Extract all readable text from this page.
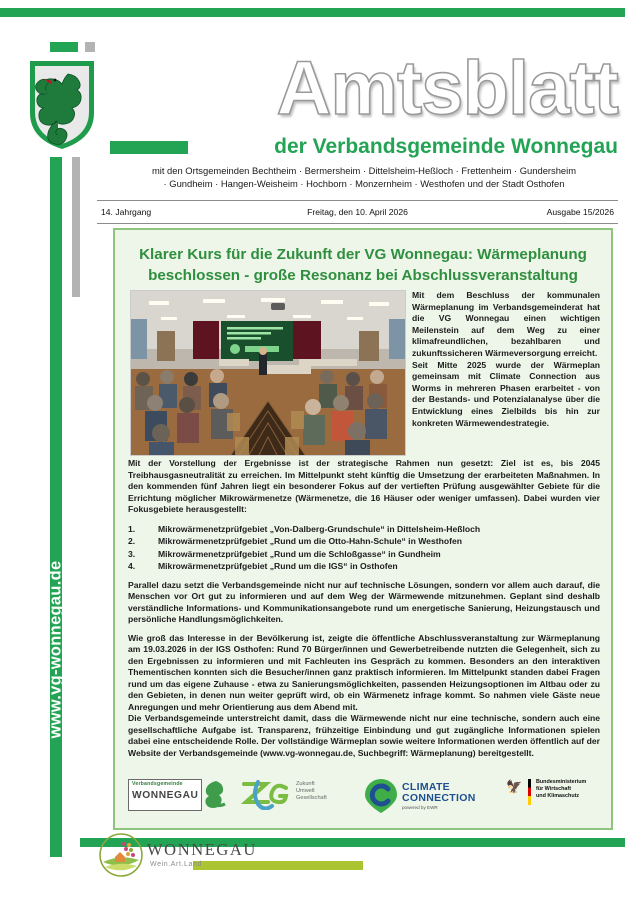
Amtsblatt
der Verbandsgemeinde Wonnegau
mit den Ortsgemeinden Bechtheim · Bermersheim · Dittelsheim-Heßloch · Frettenheim · Gundersheim
· Gundheim · Hangen-Weisheim · Hochborn · Monzernheim · Westhofen und der Stadt Osthofen
14. Jahrgang	Freitag, den 10. April 2026	Ausgabe 15/2026
www.vg-wonnegau.de
Klarer Kurs für die Zukunft der VG Wonnegau: Wärmeplanung beschlossen - große Resonanz bei Abschlussveranstaltung

Mit dem Beschluss der kommunalen Wärmeplanung im Verbandsgemeinderat hat die VG Wonnegau einen wichtigen Meilenstein auf dem Weg zu einer klimafreundlichen, bezahlbaren und zukunftssicheren Wärmeversorgung erreicht.

Seit Mitte 2025 wurde der Wärmeplan gemeinsam mit Climate Connection aus Worms in mehreren Phasen erarbeitet - von der Bestands- und Potenzialanalyse über die Entwicklung eines Zielbilds bis hin zur konkreten Wärmewendestrategie.

Mit der Vorstellung der Ergebnisse ist der strategische Rahmen nun gesetzt: Ziel ist es, bis 2045 Treibhausgasneutralität zu erreichen. Im Mittelpunkt steht künftig die Umsetzung der erarbeiteten Maßnahmen. In den kommenden fünf Jahren liegt ein besonderer Fokus auf der vertieften Prüfung ausgewählter Gebiete für die Errichtung möglicher Mikrowärmenetze (Wärmenetze, die 16 Häuser oder weniger umfassen). Dabei wurden vier Fokusgebiete herausgestellt:

1.	Mikrowärmenetzprüfgebiet „Von-Dalberg-Grundschule“ in Dittelsheim-Heßloch
2.	Mikrowärmenetzprüfgebiet „Rund um die Otto-Hahn-Schule“ in Westhofen
3.	Mikrowärmenetzprüfgebiet „Rund um die Schloßgasse“ in Gundheim
4.	Mikrowärmenetzprüfgebiet „Rund um die IGS“ in Osthofen

Parallel dazu setzt die Verbandsgemeinde nicht nur auf technische Lösungen, sondern vor allem auch darauf, die Menschen vor Ort gut zu informieren und auf dem Weg der Wärmewende mitzunehmen. Geplant sind deshalb verständliche Informations- und Kommunikationsangebote rund um energetische Sanierung, Heizungstausch und persönliche Handlungsmöglichkeiten.

Wie groß das Interesse in der Bevölkerung ist, zeigte die öffentliche Abschlussveranstaltung zur Wärmeplanung am 19.03.2026 in der IGS Osthofen: Rund 70 Bürger/innen und Gewerbetreibende nutzten die Gelegenheit, sich zu den Ergebnissen zu informieren und mit Fachleuten ins Gespräch zu kommen. Besonders an den interaktiven Thementischen konnten sich die Besucher/innen ganz praktisch informieren. Im Mittelpunkt standen dabei Fragen rund um das eigene Zuhause - etwa zu Sanierungsmöglichkeiten, passenden Heizungsoptionen im Altbau oder zu den Gebieten, in denen nun weiter geprüft wird, ob ein Wärmenetz infrage kommt. So nahmen viele Gäste neue Anregungen und mehr Orientierung aus dem Abend mit.

Die Verbandsgemeinde unterstreicht damit, dass die Wärmewende nicht nur eine technische, sondern auch eine gesellschaftliche Aufgabe ist. Transparenz, frühzeitige Einbindung und gut zugängliche Informationen spielen dabei eine entscheidende Rolle. Der vollständige Wärmeplan sowie weitere Informationen werden öffentlich auf der Website der Verbandsgemeinde (www.vg-wonnegau.de, Suchbegriff: Wärmeplanung) bereitgestellt.

Verbandsgemeinde
WONNEGAU
Zukunft
Umwelt
Gesellschaft
CLIMATE
CONNECTION
powered by EWR
🦅	Bundesministerium
für Wirtschaft
und Klimaschutz
WONNEGAU
Wein.Art.Land
